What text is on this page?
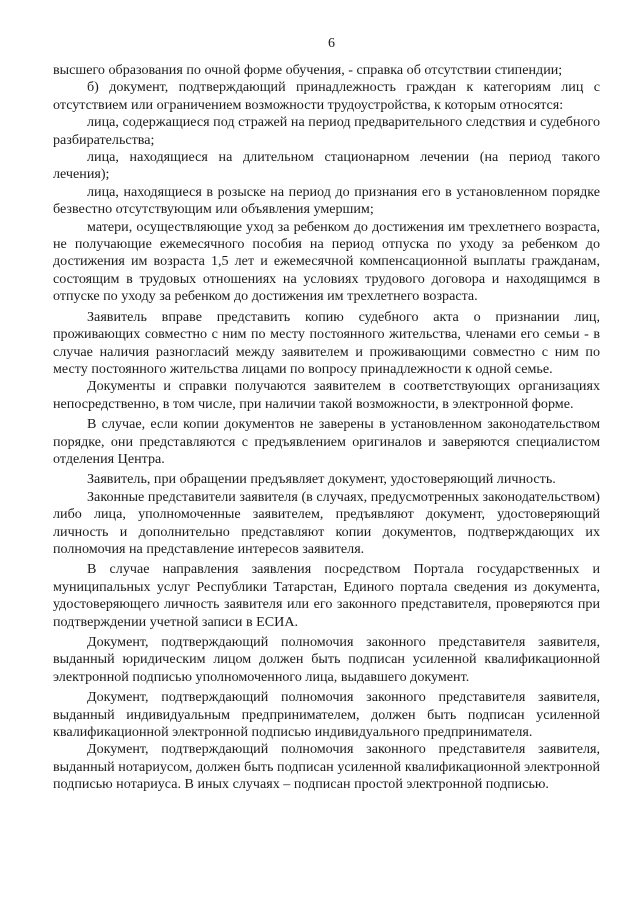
6

высшего образования по очной форме обучения, - справка об отсутствии стипендии;

б) документ, подтверждающий принадлежность граждан к категориям лиц с отсутствием или ограничением возможности трудоустройства, к которым относятся:

лица, содержащиеся под стражей на период предварительного следствия и судебного разбирательства;

лица, находящиеся на длительном стационарном лечении (на период такого лечения);

лица, находящиеся в розыске на период до признания его в установленном порядке безвестно отсутствующим или объявления умершим;

матери, осуществляющие уход за ребенком до достижения им трехлетнего возраста, не получающие ежемесячного пособия на период отпуска по уходу за ребенком до достижения им возраста 1,5 лет и ежемесячной компенсационной выплаты гражданам, состоящим в трудовых отношениях на условиях трудового договора и находящимся в отпуске по уходу за ребенком до достижения им трехлетнего возраста.

Заявитель вправе представить копию судебного акта о признании лиц, проживающих совместно с ним по месту постоянного жительства, членами его семьи - в случае наличия разногласий между заявителем и проживающими совместно с ним по месту постоянного жительства лицами по вопросу принадлежности к одной семье.

Документы и справки получаются заявителем в соответствующих организациях непосредственно, в том числе, при наличии такой возможности, в электронной форме.

В случае, если копии документов не заверены в установленном законодательством порядке, они представляются с предъявлением оригиналов и заверяются специалистом отделения Центра.

Заявитель, при обращении предъявляет документ, удостоверяющий личность.

Законные представители заявителя (в случаях, предусмотренных законодательством) либо лица, уполномоченные заявителем, предъявляют документ, удостоверяющий личность и дополнительно представляют копии документов, подтверждающих их полномочия на представление интересов заявителя.

В случае направления заявления посредством Портала государственных и муниципальных услуг Республики Татарстан, Единого портала сведения из документа, удостоверяющего личность заявителя или его законного представителя, проверяются при подтверждении учетной записи в ЕСИА.

Документ, подтверждающий полномочия законного представителя заявителя, выданный юридическим лицом должен быть подписан усиленной квалификационной электронной подписью уполномоченного лица, выдавшего документ.

Документ, подтверждающий полномочия законного представителя заявителя, выданный индивидуальным предпринимателем, должен быть подписан усиленной квалификационной электронной подписью индивидуального предпринимателя.

Документ, подтверждающий полномочия законного представителя заявителя, выданный нотариусом, должен быть подписан усиленной квалификационной электронной подписью нотариуса. В иных случаях – подписан простой электронной подписью.
